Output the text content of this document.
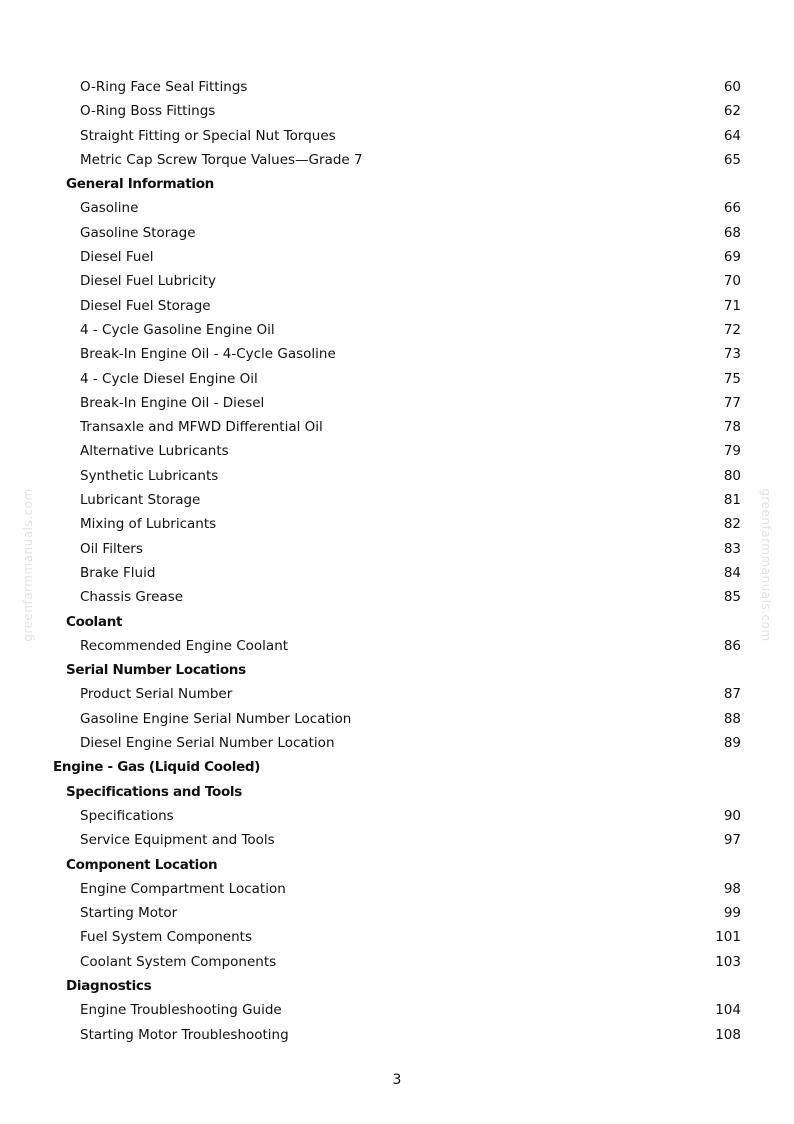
O-Ring Face Seal Fittings	60
O-Ring Boss Fittings	62
Straight Fitting or Special Nut Torques	64
Metric Cap Screw Torque Values—Grade 7	65
General Information
Gasoline	66
Gasoline Storage	68
Diesel Fuel	69
Diesel Fuel Lubricity	70
Diesel Fuel Storage	71
4 - Cycle Gasoline Engine Oil	72
Break-In Engine Oil - 4-Cycle Gasoline	73
4 - Cycle Diesel Engine Oil	75
Break-In Engine Oil - Diesel	77
Transaxle and MFWD Differential Oil	78
Alternative Lubricants	79
Synthetic Lubricants	80
Lubricant Storage	81
Mixing of Lubricants	82
Oil Filters	83
Brake Fluid	84
Chassis Grease	85
Coolant
Recommended Engine Coolant	86
Serial Number Locations
Product Serial Number	87
Gasoline Engine Serial Number Location	88
Diesel Engine Serial Number Location	89
Engine - Gas (Liquid Cooled)
Specifications and Tools
Specifications	90
Service Equipment and Tools	97
Component Location
Engine Compartment Location	98
Starting Motor	99
Fuel System Components	101
Coolant System Components	103
Diagnostics
Engine Troubleshooting Guide	104
Starting Motor Troubleshooting	108
3
greenfarmmanuals.com	greenfarmmanuals.com
